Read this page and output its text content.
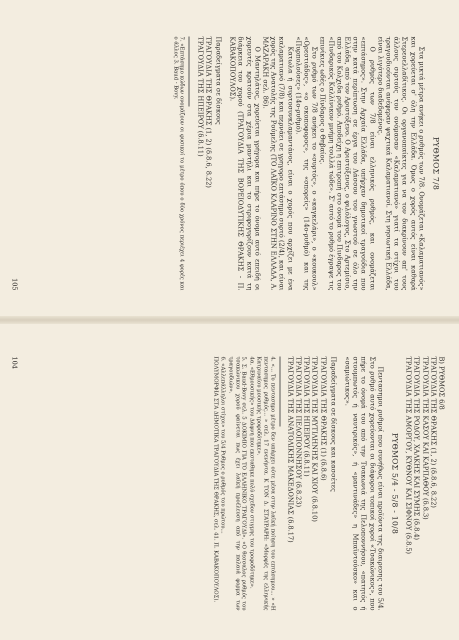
ΡΥΘΜΟΣ 7/8

Στα μικτά μέτρα ανήκει ο ρυθμός των 7/8. Ονομάζεται «Καλαματιανός» και χορεύεται σ' όλη την Ελλάδα. Όμως ο χορός αυτός είναι καθαρά Στερεοελλαδίτικος. Οι οργανοπαίκτες για να τον διακρίνουν απ' τους άλλους σιρτούς τον ονόμασαν «Καλαματιανό» γιατί τα στίχοι του τραγουδιούνται ανέφεραν ψαχτικά Καλαματιανοί. Στη νησιωτική Ελλάδα, είναι λιγότερο διαδεδομένος.

Ο ρυθμός των 7/8 είναι ελληνικός ρυθμός, και ονομάζεται «επτάσημος». Στην Αρχαία Ελλάδα, υπήρχαν δημοτικοί τραγούδια που στην κατά περίπτωση σε έργα του Λάσσου του γνωστού σε όλο την Ελλάδα, από τον Αριστόξενο. Ο Αριστόξενος, ο φιλόλογος, Στο Αρτεμίσιο, από του Κολχιδα ρυθμό. Αποδείχη η επιτροπή στο όνομά του Πινδαρος του «Πινδαρικός Καλλίνικον μνήμη τοιλλά τώδε». Σ' αυτό το ρυθμό έγραψε τις επινίκιες ωδές ο Πίνδαρος ο Θηβαίος.

Στο ρυθμό των 7/8 ανήκει το «συρτός», ο «καγκελάρι», ο «κουκουλ» «Ορεστιάδος», «ο σκοποφορος», της «σπορείς» (14ο-ρυθμό) και της «Πυρπολούσες» (14ο-ρυθμό).

Κατωλα ή συρτοσυνκλαμαντάνος, είναι ο χορός που αρχίζει με ένα καλαματιανό (7/8) και περνάει σε γρηγορο επτάσημο συρτό (2/4), και είναι χορός της Ανατολής της Ρούμελης (ΤΟ ΛΑΪΚΟ ΚΛΑΡΙΝΟ ΣΤΗΝ ΕΛΛΑΔΑ, Α. ΜΑΖΑΡΑΚΗ σελ. 86).

Ο Μαντηλάτος, χορεύεται γρήγορα και πήρε το όνομα αυτό επειδή οι χορευτές κρατούν στα χέρια μαντήλι και το στριφογυρίζουν κατά τη διάρκεια του χορού (ΤΡΑΓΟΥΔΙΑ ΤΗΣ ΒΟΡΕΙΟΔΥΤΙΚΗΣ ΘΡΑΚΗΣ - Π. ΚΑΒΑΚΟΠΟΥΛΟΣ).

Παραδείγματα σε δίσκους
ΤΡΑΓΟΥΔΙΑ ΤΗΣ ΘΡΑΚΗΣ (1, 2) (δ.8.6, 8.22)
ΤΡΑΓΟΥΔΙΑ ΤΗΣ ΗΠΕΙΡΟΥ (δ.8.11)

7. «Επτάσημο κώδων ονομάζουν οι φυσικοί το μέτρο όπου ο δύο χρόνος περιέχει 4 φορές και ο άλλος 3. Baud - Bovy.

105
Β) ΡΥΘΜΟΣ 6/8
ΤΡΑΓΟΥΔΙΑ ΤΗΣ ΘΡΑΚΗΣ (1, 2) (δ.8.6, 8.22)
ΤΡΑΓΟΥΔΙΑ ΤΗΣ ΚΑΣΟΥ ΚΑΙ ΚΑΡΠΑΘΟΥ (δ.8.3)
ΤΡΑΓΟΥΔΙΑ ΤΗΣ ΡΟΔΟΥ, ΧΑΛΚΗΣ ΚΑΙ ΣΥΜΗΣ (δ.8.4)
ΤΡΑΓΟΥΔΙΑ ΤΗΣ ΑΜΟΡΓΟΥ, ΚΥΘΝΟΥ ΚΑΙ ΣΙΦΝΟΥ (δ.8.5)
ΡΥΘΜΟΣ 5/4 - 5/8 - 10/8

Πεντασημοι ρυθμοί που συνήθως είναι προϊόντα της διαιρεσης του 5/4. Στο ρυθμό αυτό χορεύονται οι διάφοροι τοπικοί χοροί «Τσακώνικος», που πήρε το όνομά του από την Τσακωνιά της Πελοποννήσου, «πατητός ή στουμπωτός ή ναυτιρικός», ή «μαντινάδες» η Μπαϊντούσκο» και ο «σαμιώτικος».

Παραδείγματα σε δίσκους και κασσέτες
ΤΡΑΓΟΥΔΙΑ ΤΗΣ ΘΡΑΚΗΣ (1) (δ.8.6)
ΤΡΑΓΟΥΔΙΑ ΤΗΣ ΜΥΤΙΛΗΝΗΣ ΚΑΙ ΧΙΟΥ (δ.8.10)
ΤΡΑΓΟΥΔΙΑ ΤΗΣ ΗΠΕΙΡΟΥ (δ.8.11)
ΤΡΑΓΟΥΔΙΑ ΤΗΣ ΠΕΛΟΠΟΝΝΗΣΟΥ (δ.8.23)
ΤΡΑΓΟΥΔΙΑ ΤΗΣ ΑΝΑΤΟΛΙΚΗΣ ΜΑΚΕΔΟΝΙΑΣ (δ.8.17)

4. «... Το πεντασημο μέτρο δεν υπάρχει ούτε μέσα στην λαϊκή ποίηση του επτάσημου... » «Η πεντασημος ρυθμός... » σελ. 17 ενενήντα. Κ ΤΟΝ Δ. ΣΤΑΥΡΑΡΗ: «Μορφές της ελληνικής Κατριναίου μουσικής τροφοδότηκε».

4α. «Εθμουσικής» του Δάφνη που εκσταθηκε πολύ σχεδον στιγμης του τροφοδότηκε».

5. Σ. Baud-Bovy σελ. 5 ΔΟΚΙΜΙΟ ΓΙΑ ΤΟ ΕΛΛΗΝΙΚΟ ΤΡΑΓΟΥΔΙ». «Ο θεσσαλος ρυθμός του τσακώνικου χορού φαίνεται πως έχει λαϊκή προέλευση από την παλαιά φορμα των τραγουδιών».

6. «Αλλεπάλληλοι στίχοι» του 5/4 Ρυθμος ο ρυθμός του πρώτου...

ΠΟΛΥΜΟΡΦΙΑ ΣΤΑ ΔΗΜΟΤΙΚΑ ΤΡΑΓΟΥΔΙΑ ΤΗΣ ΘΡΑΚΗΣ, σελ. 41. Π. ΚΑΒΑΚΟΠΟΥΛΟΣ).

104
